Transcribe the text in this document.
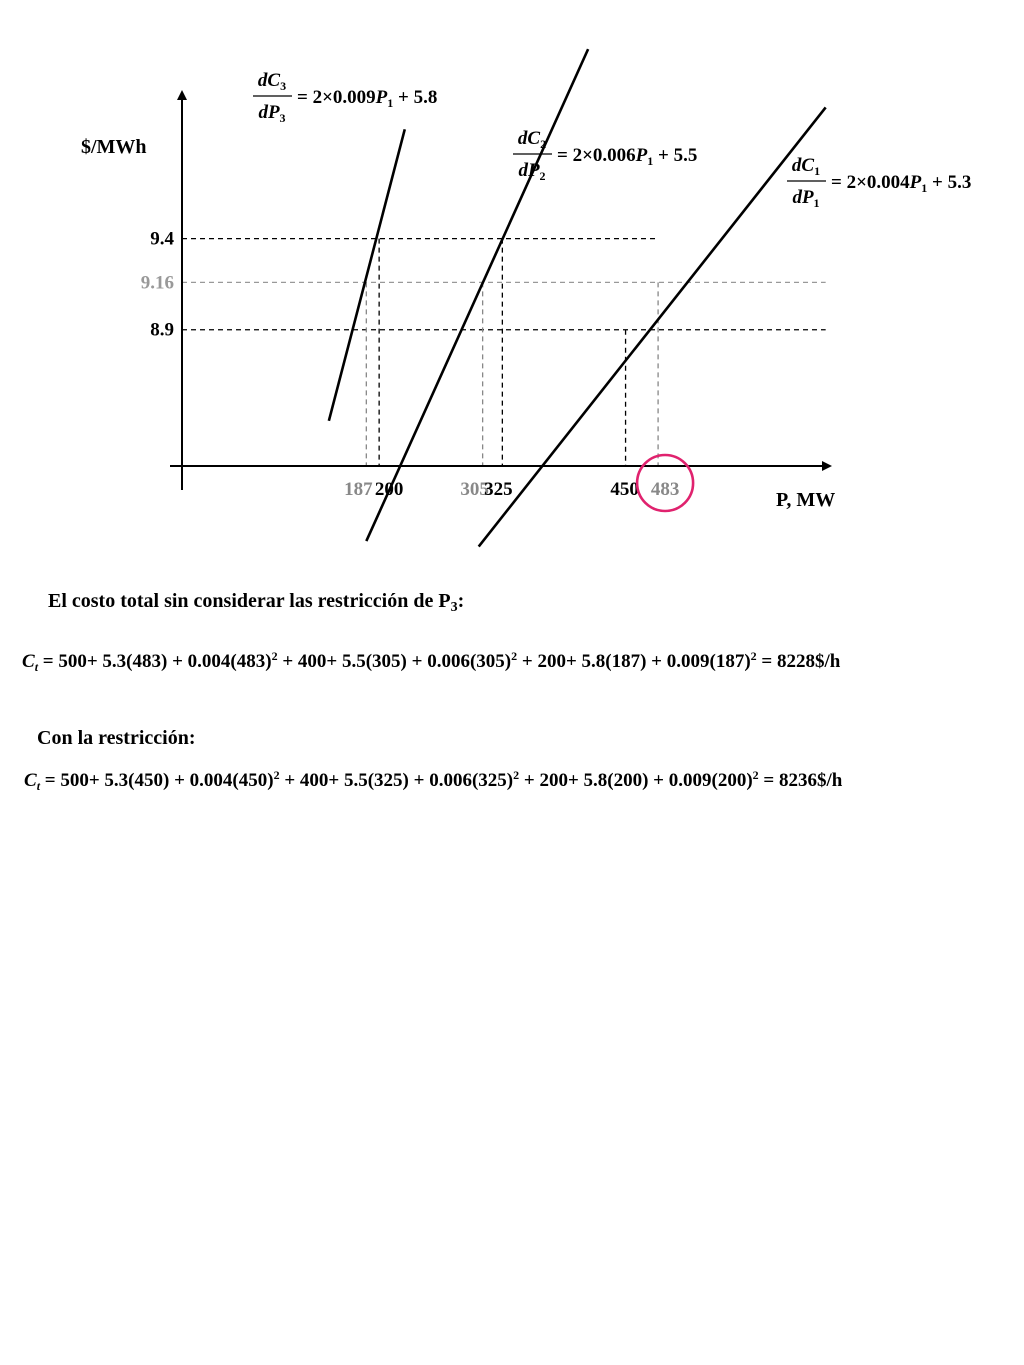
9.4
9.16
8.9
187 200	305
325	450 483
$/MWh
P, MW
$dC_3$
$dP_3$
= $2\times 0.009P_1 + 5.8$
$dC_2$
$dP_2$
= $2\times 0.006P_1 + 5.5$	$dC_1$
$dP_1$
= $2\times 0.004P_1 + 5.3$
El costo total sin considerar las restricción de $P_3$:
$C_t = 500+ 5.3(483) + 0.004(483)^2 + 400+ 5.5(305) + 0.006(305)^2 + 200+ 5.8(187) + 0.009(187)^2$ = 8228$/h
Con la restricción:
$C_t = 500+ 5.3(450) + 0.004(450)^2 + 400+ 5.5(325) + 0.006(325)^2 + 200+ 5.8(200) + 0.009(200)^2$ = 8236$/h
